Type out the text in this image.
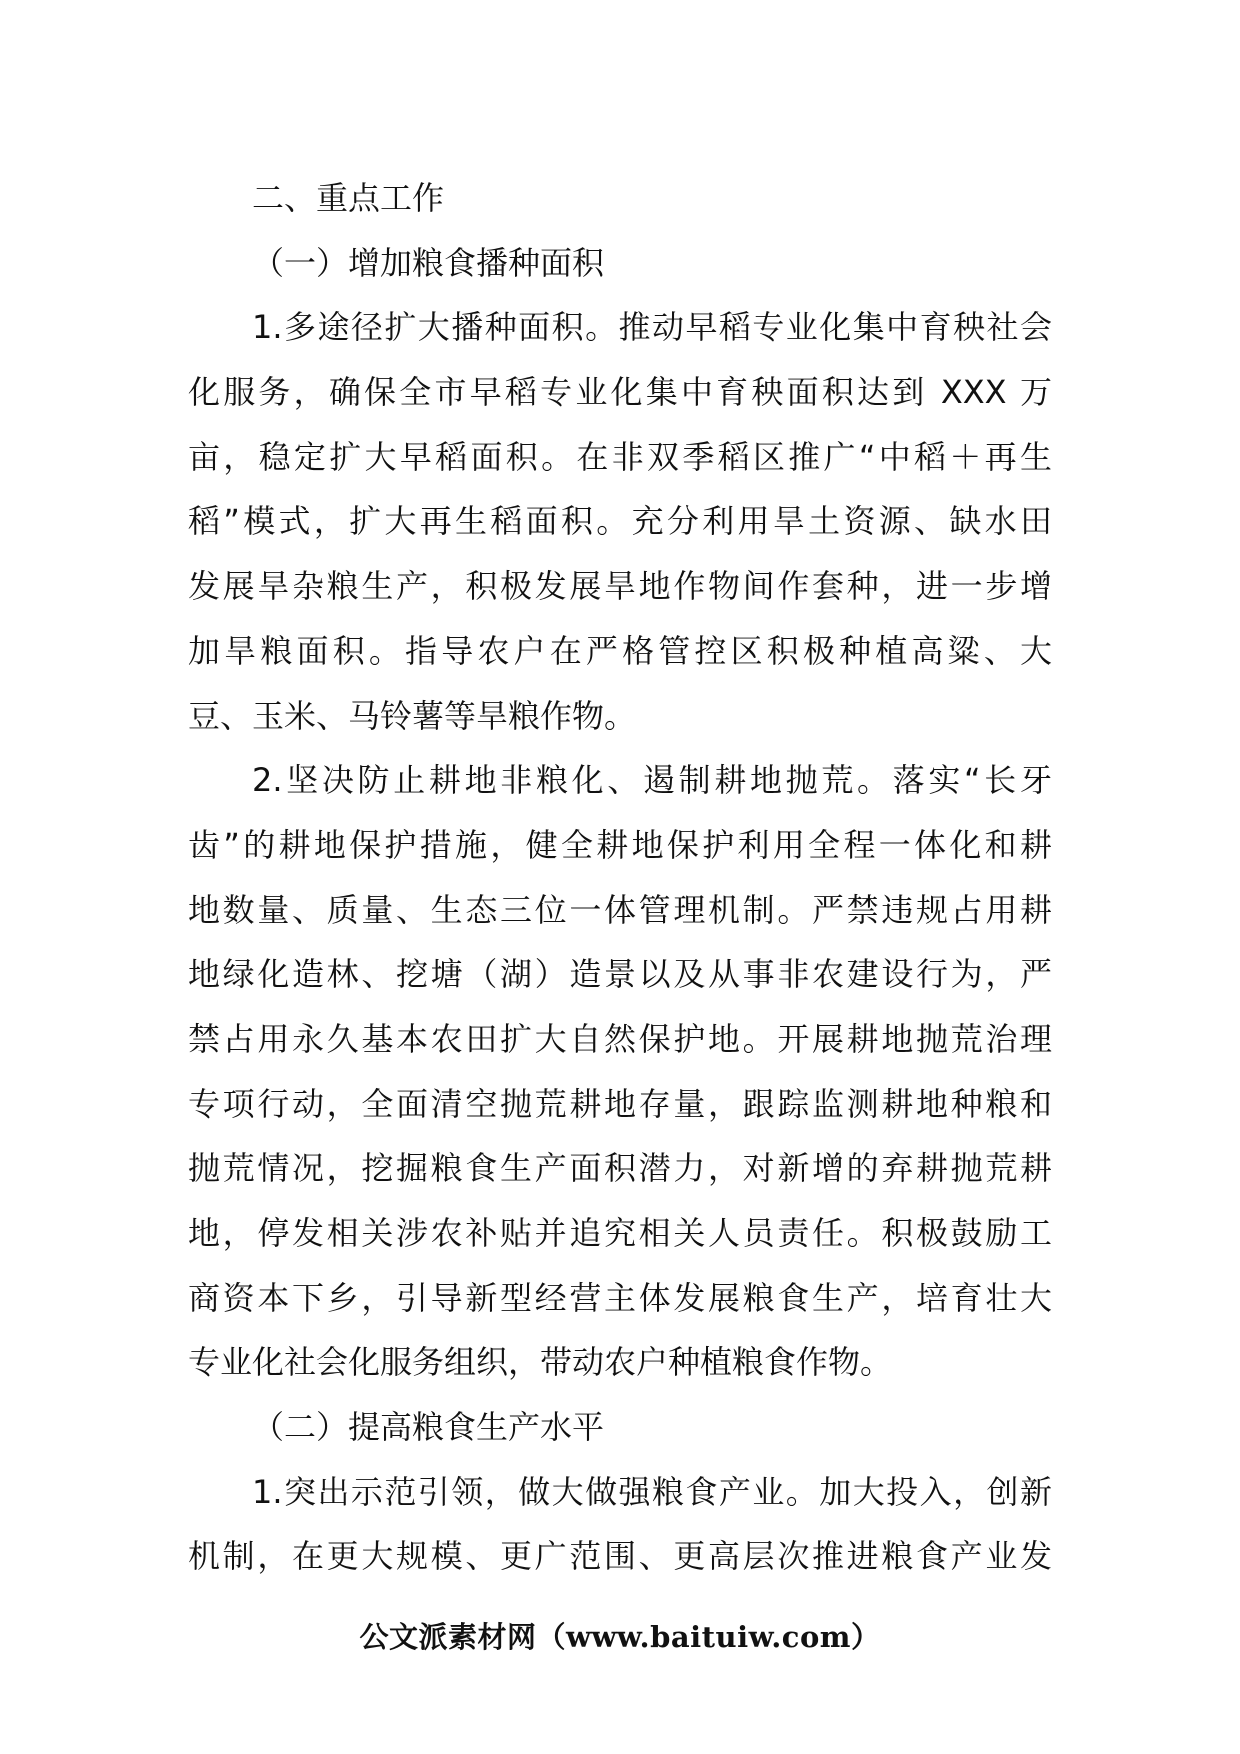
二、重点工作
（一）增加粮食播种面积
1.多途径扩大播种面积。推动早稻专业化集中育秧社会
化服务，确保全市早稻专业化集中育秧面积达到 XXX 万
亩，稳定扩大早稻面积。在非双季稻区推广“中稻＋再生
稻”模式，扩大再生稻面积。充分利用旱土资源、缺水田
发展旱杂粮生产，积极发展旱地作物间作套种，进一步增
加旱粮面积。指导农户在严格管控区积极种植高粱、大
豆、玉米、马铃薯等旱粮作物。
2.坚决防止耕地非粮化、遏制耕地抛荒。落实“长牙
齿”的耕地保护措施，健全耕地保护利用全程一体化和耕
地数量、质量、生态三位一体管理机制。严禁违规占用耕
地绿化造林、挖塘（湖）造景以及从事非农建设行为，严
禁占用永久基本农田扩大自然保护地。开展耕地抛荒治理
专项行动，全面清空抛荒耕地存量，跟踪监测耕地种粮和
抛荒情况，挖掘粮食生产面积潜力，对新增的弃耕抛荒耕
地，停发相关涉农补贴并追究相关人员责任。积极鼓励工
商资本下乡，引导新型经营主体发展粮食生产，培育壮大
专业化社会化服务组织，带动农户种植粮食作物。
（二）提高粮食生产水平
1.突出示范引领，做大做强粮食产业。加大投入，创新
机制，在更大规模、更广范围、更高层次推进粮食产业发
公文派素材网（www.baituiw.com）
